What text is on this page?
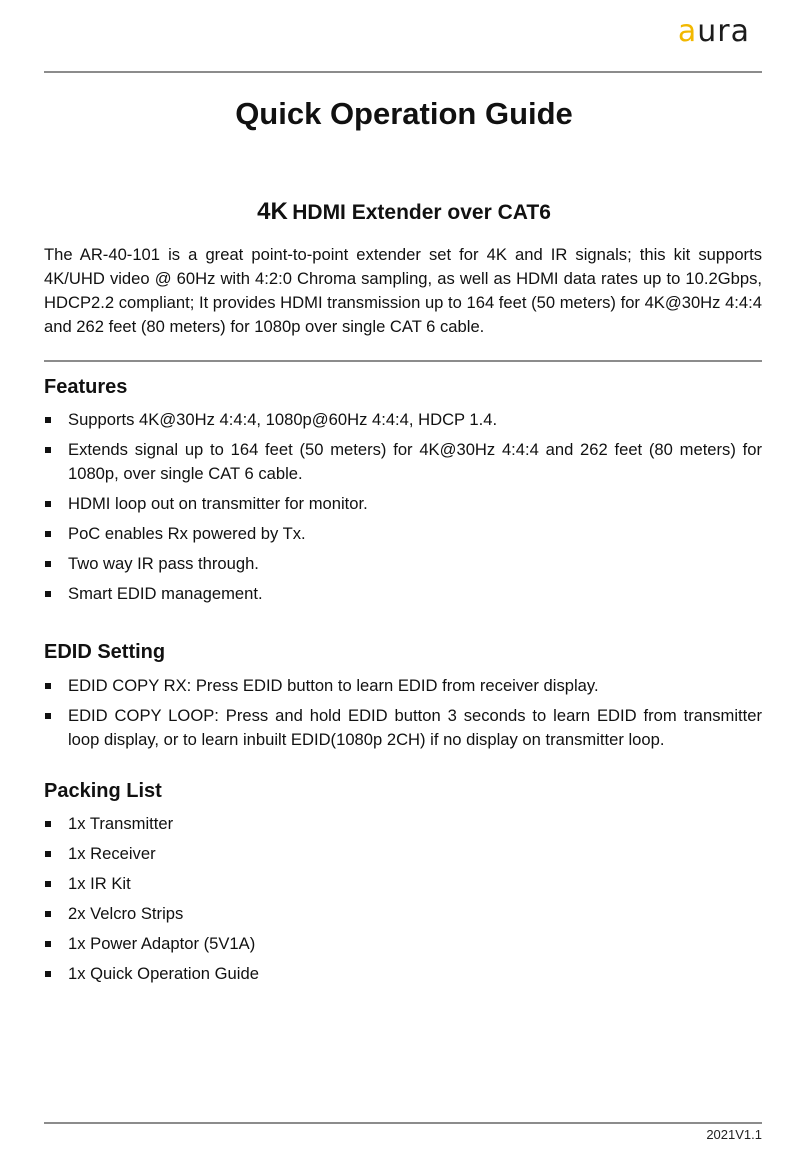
aura
Quick Operation Guide
4K HDMI Extender over CAT6

The AR-40-101 is a great point-to-point extender set for 4K and IR signals; this kit supports 4K/UHD video @ 60Hz with 4:2:0 Chroma sampling, as well as HDMI data rates up to 10.2Gbps, HDCP2.2 compliant; It provides HDMI transmission up to 164 feet (50 meters) for 4K@30Hz 4:4:4 and 262 feet (80 meters) for 1080p over single CAT 6 cable.

Features
Supports 4K@30Hz 4:4:4, 1080p@60Hz 4:4:4, HDCP 1.4.
Extends signal up to 164 feet (50 meters) for 4K@30Hz 4:4:4 and 262 feet (80 meters) for 1080p, over single CAT 6 cable.
HDMI loop out on transmitter for monitor.
PoC enables Rx powered by Tx.
Two way IR pass through.
Smart EDID management.
EDID Setting
EDID COPY RX: Press EDID button to learn EDID from receiver display.
EDID COPY LOOP: Press and hold EDID button 3 seconds to learn EDID from transmitter loop display, or to learn inbuilt EDID(1080p 2CH) if no display on transmitter loop.
Packing List
1x Transmitter
1x Receiver
1x IR Kit
2x Velcro Strips
1x Power Adaptor (5V1A)
1x Quick Operation Guide
2021V1.1
